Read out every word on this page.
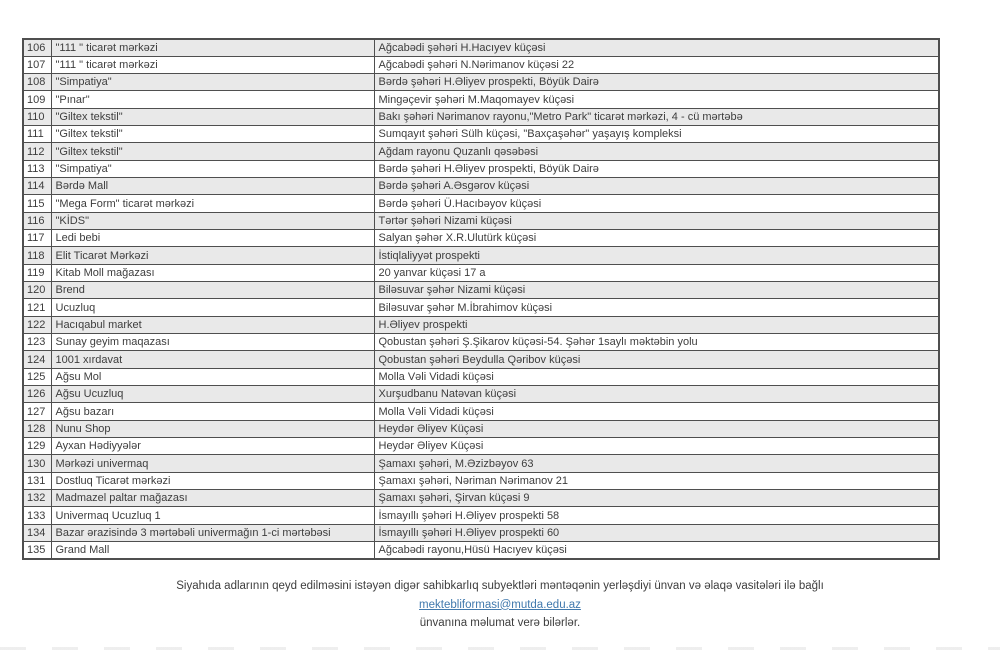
106	"111 " ticarət mərkəzi	Ağcabədi şəhəri H.Hacıyev küçəsi
107	"111 " ticarət mərkəzi	Ağcabədi şəhəri N.Nərimanov küçəsi 22
108	"Simpatiya"	Bərdə şəhəri H.Əliyev prospekti, Böyük Dairə
109	"Pınar"	Mingəçevir şəhəri M.Maqomayev küçəsi
110	"Giltex tekstil"	Bakı şəhəri Nərimanov rayonu,"Metro Park" ticarət mərkəzi, 4 - cü mərtəbə
111	"Giltex tekstil"	Sumqayıt şəhəri Sülh küçəsi, "Baxçaşəhər" yaşayış kompleksi
112	"Giltex tekstil"	Ağdam rayonu Quzanlı qəsəbəsi
113	"Simpatiya"	Bərdə şəhəri H.Əliyev prospekti, Böyük Dairə
114	Bərdə Mall	Bərdə şəhəri A.Əsgərov küçəsi
115	"Mega Form" ticarət mərkəzi	Bərdə şəhəri Ü.Hacıbəyov küçəsi
116	"KİDS"	Tərtər şəhəri Nizami küçəsi
117	Ledi bebi	Salyan şəhər X.R.Ulutürk küçəsi
118	Elit Ticarət Mərkəzi	İstiqlaliyyət prospekti
119	Kitab Moll mağazası	20 yanvar küçəsi 17 a
120	Brend	Biləsuvar şəhər Nizami küçəsi
121	Ucuzluq	Biləsuvar şəhər M.İbrahimov küçəsi
122	Hacıqabul market	H.Əliyev prospekti
123	Sunay geyim maqazası	Qobustan şəhəri Ş.Şikarov küçəsi-54. Şəhər 1saylı məktəbin yolu
124	1001 xırdavat	Qobustan şəhəri Beydulla Qəribov küçəsi
125	Ağsu Mol	Molla Vəli Vidadi küçəsi
126	Ağsu Ucuzluq	Xurşudbanu Natəvan küçəsi
127	Ağsu bazarı	Molla Vəli Vidadi küçəsi
128	Nunu Shop	Heydər Əliyev Küçəsi
129	Ayxan Hədiyyələr	Heydər Əliyev Küçəsi
130	Mərkəzi univermaq	Şamaxı şəhəri, M.Əzizbəyov 63
131	Dostluq Ticarət mərkəzi	Şamaxı şəhəri, Nəriman Nərimanov 21
132	Madmazel paltar mağazası	Şamaxı şəhəri, Şirvan küçəsi 9
133	Univermaq Ucuzluq 1	İsmayıllı şəhəri H.Əliyev prospekti 58
134	Bazar ərazisində 3 mərtəbəli univermağın 1-ci mərtəbəsi	İsmayıllı şəhəri H.Əliyev prospekti 60
135	Grand Mall	Ağcabədi rayonu,Hüsü Hacıyev küçəsi

Siyahıda adlarının qeyd edilməsini istəyən digər sahibkarlıq subyektləri məntəqənin yerləşdiyi ünvan və əlaqə vasitələri ilə bağlı

mektebliformasi@mutda.edu.az

ünvanına məlumat verə bilərlər.
